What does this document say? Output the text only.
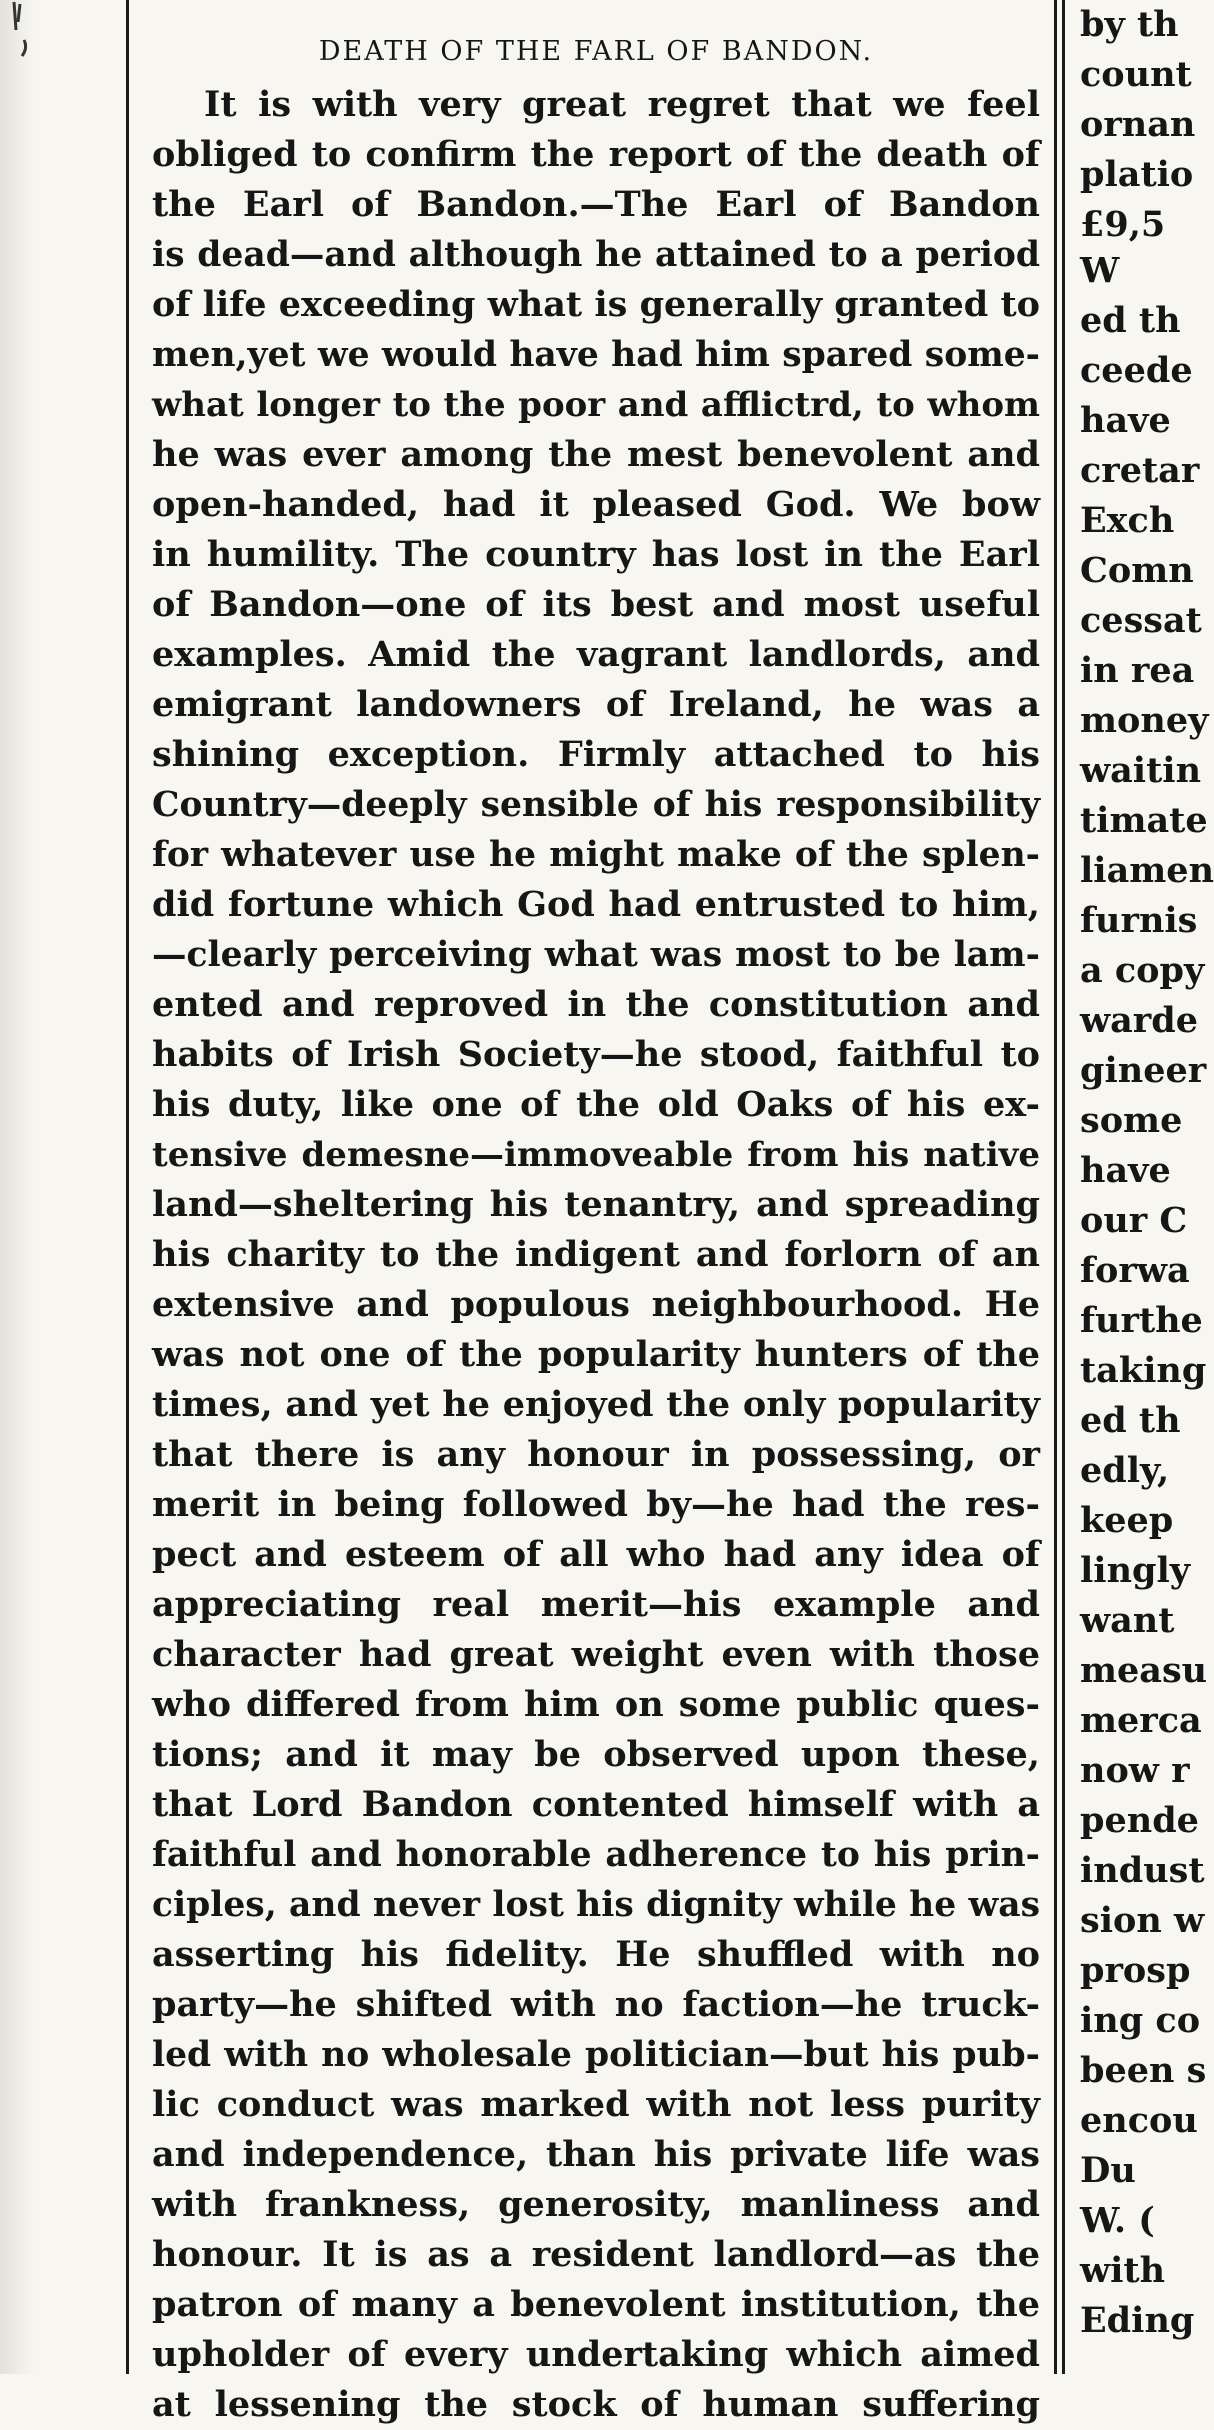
DEATH OF THE FARL OF BANDON.
It is with very great regret that we feel
obliged to confirm the report of the death of
the Earl of Bandon.—The Earl of Bandon
is dead—and although he attained to a period
of life exceeding what is generally granted to
men,yet we would have had him spared some-
what longer to the poor and afflictrd, to whom
he was ever among the mest benevolent and
open-handed, had it pleased God. We bow
in humility. The country has lost in the Earl
of Bandon—one of its best and most useful
examples. Amid the vagrant landlords, and
emigrant landowners of Ireland, he was a
shining exception. Firmly attached to his
Country—deeply sensible of his responsibility
for whatever use he might make of the splen-
did fortune which God had entrusted to him,
—clearly perceiving what was most to be lam-
ented and reproved in the constitution and
habits of Irish Society—he stood, faithful to
his duty, like one of the old Oaks of his ex-
tensive demesne—immoveable from his native
land—sheltering his tenantry, and spreading
his charity to the indigent and forlorn of an
extensive and populous neighbourhood. He
was not one of the popularity hunters of the
times, and yet he enjoyed the only popularity
that there is any honour in possessing, or
merit in being followed by—he had the res-
pect and esteem of all who had any idea of
appreciating real merit—his example and
character had great weight even with those
who differed from him on some public ques-
tions; and it may be observed upon these,
that Lord Bandon contented himself with a
faithful and honorable adherence to his prin-
ciples, and never lost his dignity while he was
asserting his fidelity. He shuffled with no
party—he shifted with no faction—he truck-
led with no wholesale politician—but his pub-
lic conduct was marked with not less purity
and independence, than his private life was
with frankness, generosity, manliness and
honour. It is as a resident landlord—as the
patron of many a benevolent institution, the
upholder of every undertaking which aimed
at lessening the stock of human suffering
by th
count
ornan
platio
£9,5
W
ed th
ceede
have
cretar
Exch
Comn
cessat
in rea
money
waitin
timate
liamen
furnis
a copy
warde
gineer
some
have
our C
forwa
furthe
taking
ed th
edly,
keep
lingly
want
measu
merca
now r
pende
indust
sion w
prosp
ing co
been s
encou
Du
W. (
with
Eding
